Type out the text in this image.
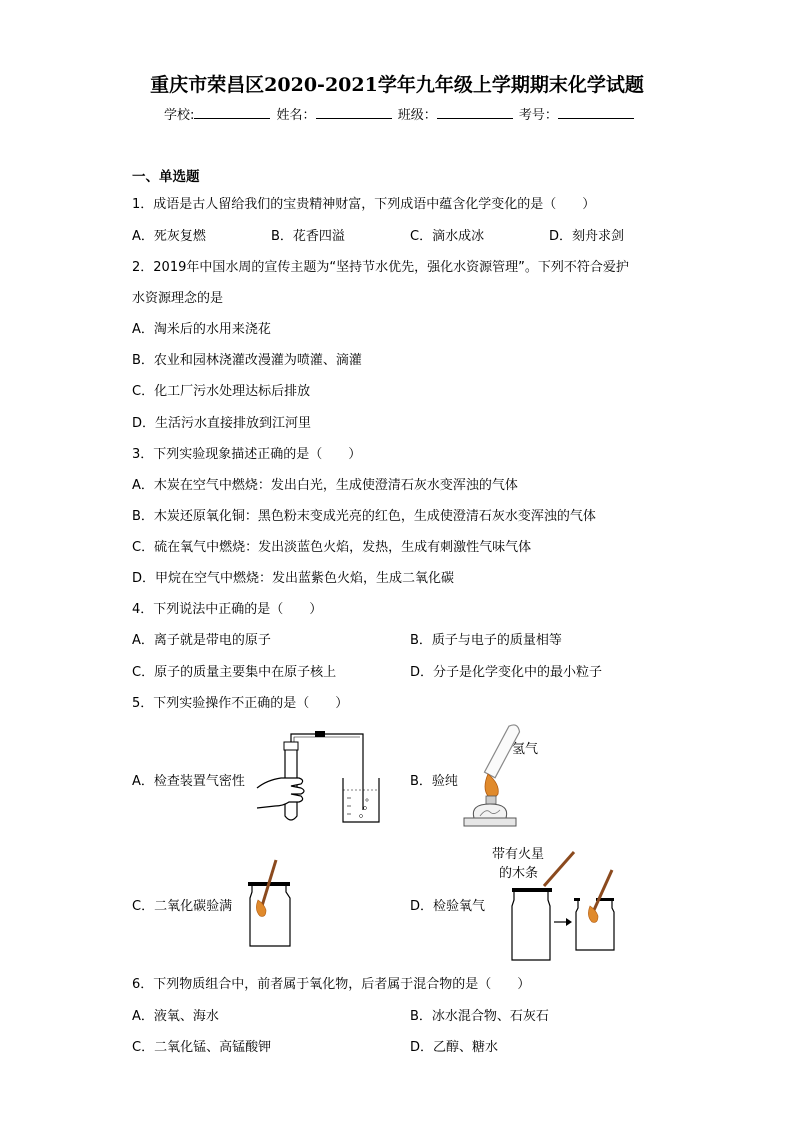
重庆市荣昌区2020-2021学年九年级上学期期末化学试题
学校:	姓名：	班级：	考号：
一、单选题
1．成语是古人留给我们的宝贵精神财富，下列成语中蕴含化学变化的是（　　）
A．死灰复燃	B．花香四溢	C．滴水成冰	D．刻舟求剑
2．2019年中国水周的宣传主题为“坚持节水优先，强化水资源管理”。下列不符合爱护
水资源理念的是
A．淘米后的水用来浇花
B．农业和园林浇灌改漫灌为喷灌、滴灌
C．化工厂污水处理达标后排放
D．生活污水直接排放到江河里
3．下列实验现象描述正确的是（　　）
A．木炭在空气中燃烧：发出白光，生成使澄清石灰水变浑浊的气体
B．木炭还原氧化铜：黑色粉末变成光亮的红色，生成使澄清石灰水变浑浊的气体
C．硫在氧气中燃烧：发出淡蓝色火焰，发热，生成有刺激性气味气体
D．甲烷在空气中燃烧：发出蓝紫色火焰，生成二氧化碳
4．下列说法中正确的是（　　）
A．离子就是带电的原子	B．质子与电子的质量相等
C．原子的质量主要集中在原子核上	D．分子是化学变化中的最小粒子
5．下列实验操作不正确的是（　　）
A．检查装置气密性	B．验纯
C．二氧化碳验满	D．检验氧气
氢气
带有火星
的木条
6．下列物质组合中，前者属于氧化物，后者属于混合物的是（　　）
A．液氧、海水	B．冰水混合物、石灰石
C．二氧化锰、高锰酸钾	D．乙醇、糖水
